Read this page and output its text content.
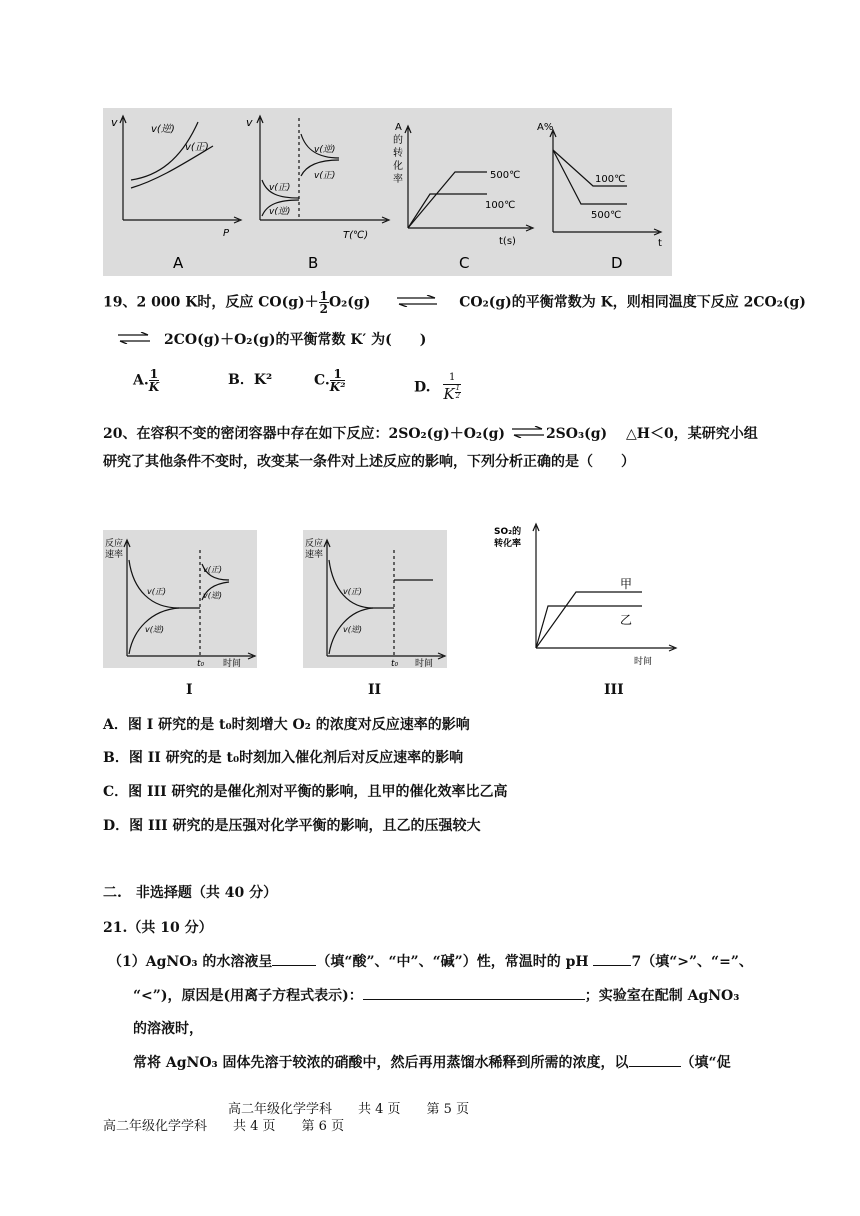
v
P
v(逆)
v(正)
A
v
T(℃)
v(逆)
v(正)
v(正)
v(逆)
B
A
的
转
化
率
t(s)
500℃
100℃
C
A%
t
100℃
500℃
D
19、2 000 K时，反应 $CO(g)+ \frac{1}{2} O_2(g)$	CO₂(g)的平衡常数为 K，则相同温度下反应 2CO₂(g)
⇌ 2CO(g)＋O₂(g)的平衡常数 K′ 为(　　)
A. $\frac{1}{K}$	B．K²	C. $\frac{1}{\text{K²}}$	D. $\frac{1}{K \frac{1}{2}}$
20、在容积不变的密闭容器中存在如下反应：2SO₂(g)＋O₂(g) ⇌ 2SO₃(g)　 △H＜0，某研究小组
研究了其他条件不变时，改变某一条件对上述反应的影响，下列分析正确的是（　　）
反应
速率
v(正)
v(逆)
v(正)
v(逆)
t₀ 时间
I
反应
速率
v(正)
v(逆)
t₀ 时间
II
SO₂的
转化率
甲
乙
时间
III
A．图 I 研究的是 t₀时刻增大 O₂ 的浓度对反应速率的影响
B．图 II 研究的是 t₀时刻加入催化剂后对反应速率的影响
C．图 III 研究的是催化剂对平衡的影响，且甲的催化效率比乙高
D．图 III 研究的是压强对化学平衡的影响，且乙的压强较大
二.　非选择题（共 40 分）
21.（共 10 分）
（1）AgNO₃ 的水溶液呈	（填“酸”、“中”、“碱”）性，常温时的 pH	7（填“>”、“=”、
“<”)，原因是(用离子方程式表示)：	；实验室在配制 AgNO₃
的溶液时，
常将 AgNO₃ 固体先溶于较浓的硝酸中，然后再用蒸馏水稀释到所需的浓度，以	（填“促
高二年级化学学科　　共 4 页　　第 5 页
高二年级化学学科　　共 4 页　　第 6 页
